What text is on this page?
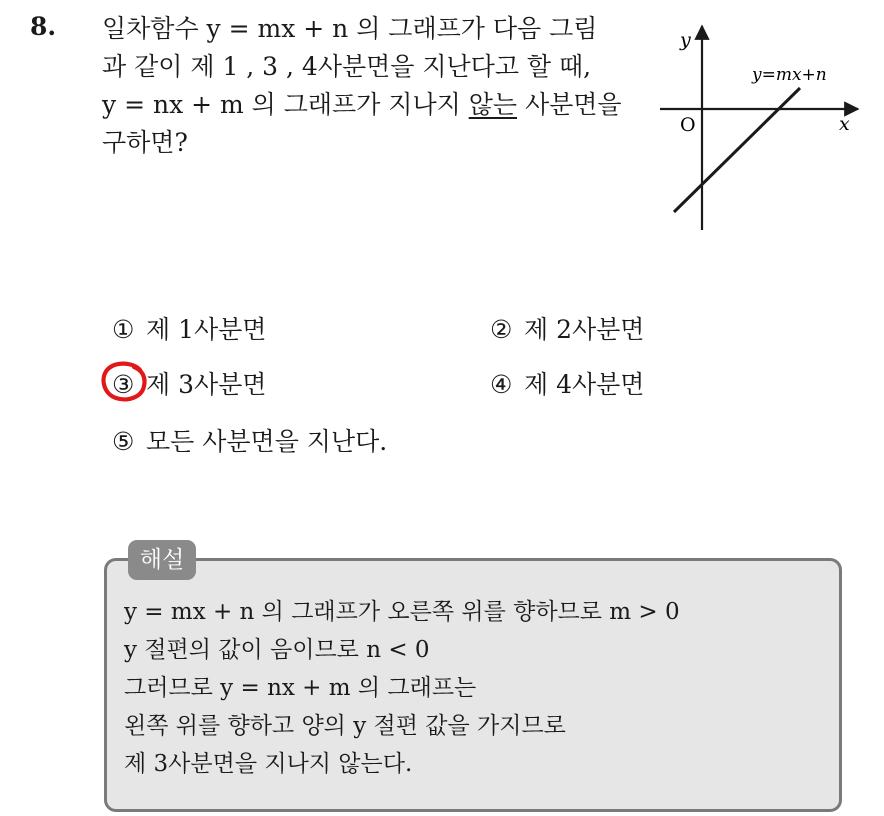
8. 일차함수 y = mx + n 의 그래프가 다음 그림
과 같이 제 1 , 3 , 4사분면을 지난다고 할 때,
y = nx + m 의 그래프가 지나지 않는 사분면을
구하면?
y
x
O
y=mx+n
① 제 1사분면	② 제 2사분면
③ 제 3사분면	④ 제 4사분면
⑤ 모든 사분면을 지난다.
해설
y = mx + n 의 그래프가 오른쪽 위를 향하므로 m > 0
y 절편의 값이 음이므로 n < 0
그러므로 y = nx + m 의 그래프는
왼쪽 위를 향하고 양의 y 절편 값을 가지므로
제 3사분면을 지나지 않는다.
